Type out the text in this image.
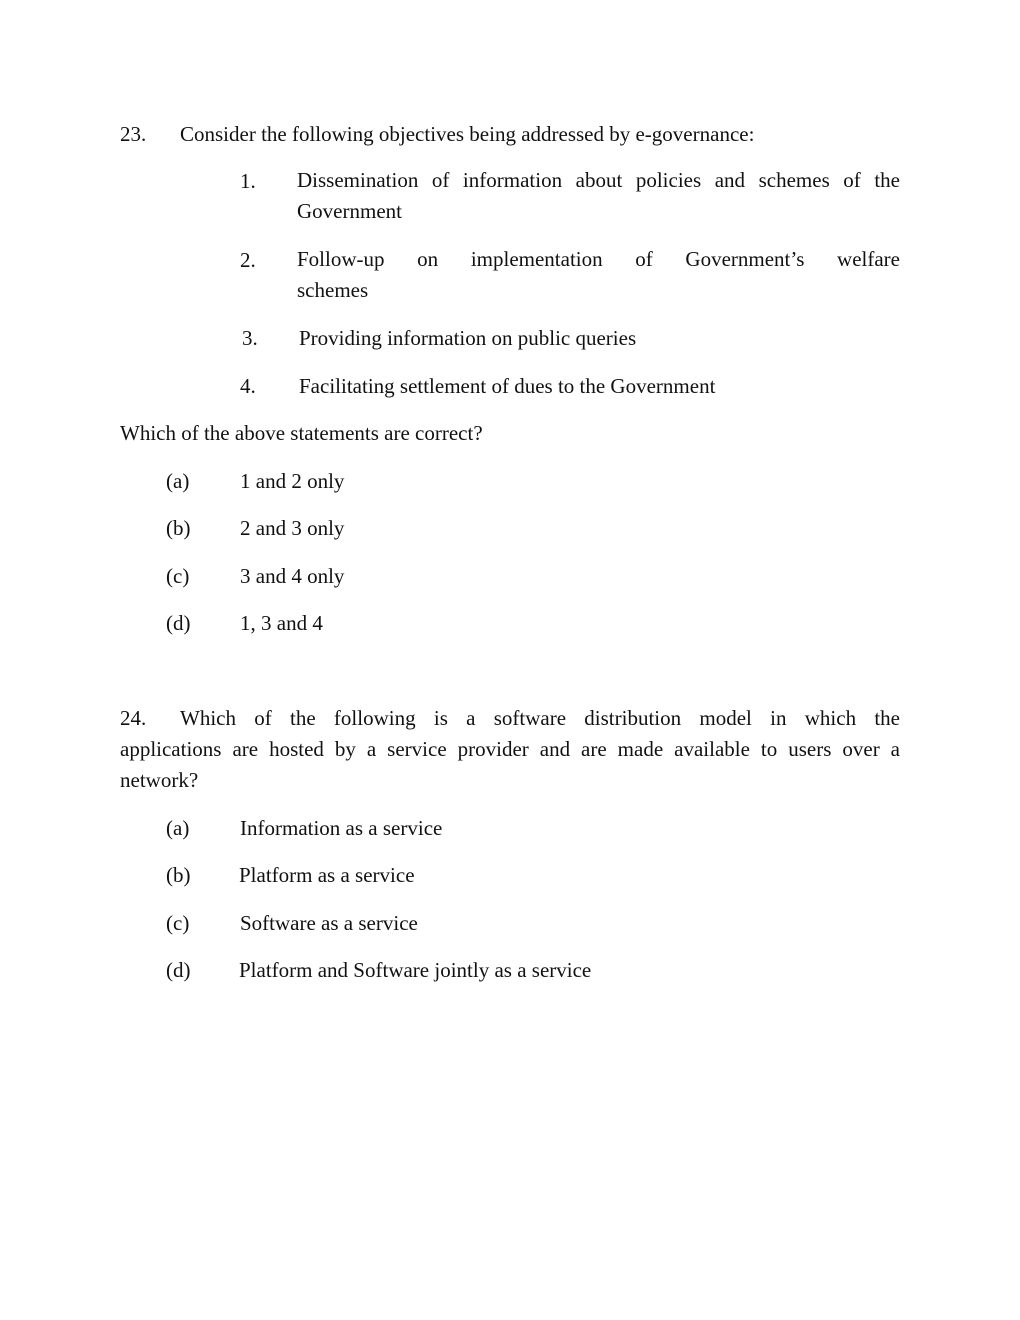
23. Consider the following objectives being addressed by e-governance:
1. Dissemination of information about policies and schemes of the
Government
2. Follow-up on implementation of Government’s welfare
schemes
3. Providing information on public queries
4. Facilitating settlement of dues to the Government
Which of the above statements are correct?
(a) 1 and 2 only
(b) 2 and 3 only
(c) 3 and 4 only
(d) 1, 3 and 4
24. Which of the following is a software distribution model in which the
applications are hosted by a service provider and are made available to users over a
network?
(a) Information as a service
(b) Platform as a service
(c) Software as a service
(d) Platform and Software jointly as a service
